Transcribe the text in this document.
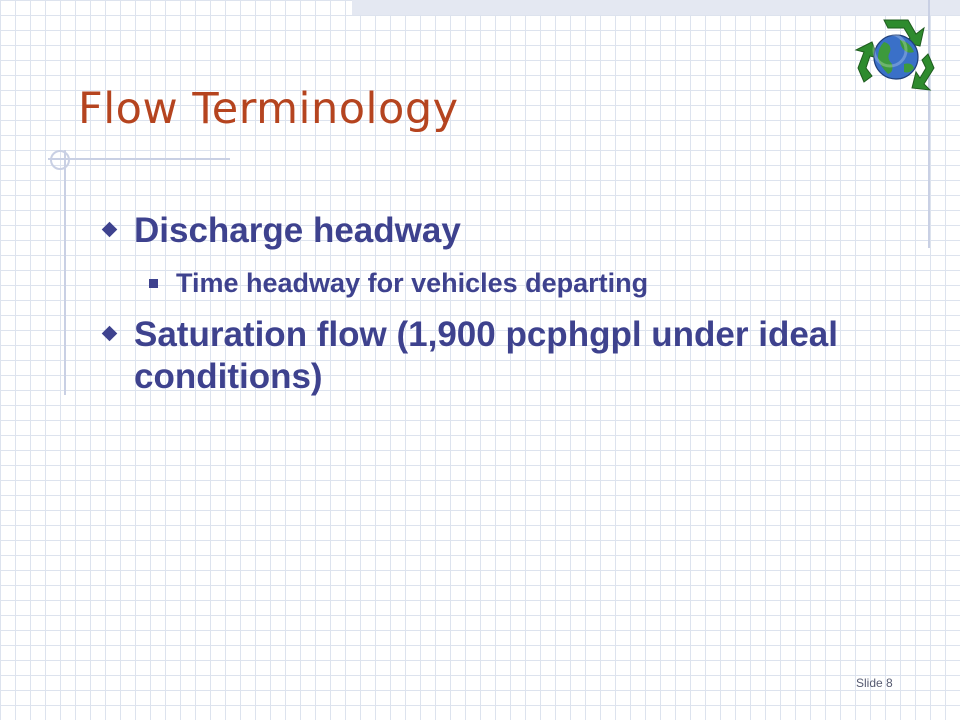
Flow Terminology
Discharge headway
Time headway for vehicles departing
Saturation flow (1,900 pcphgpl under ideal conditions)
Slide 8
